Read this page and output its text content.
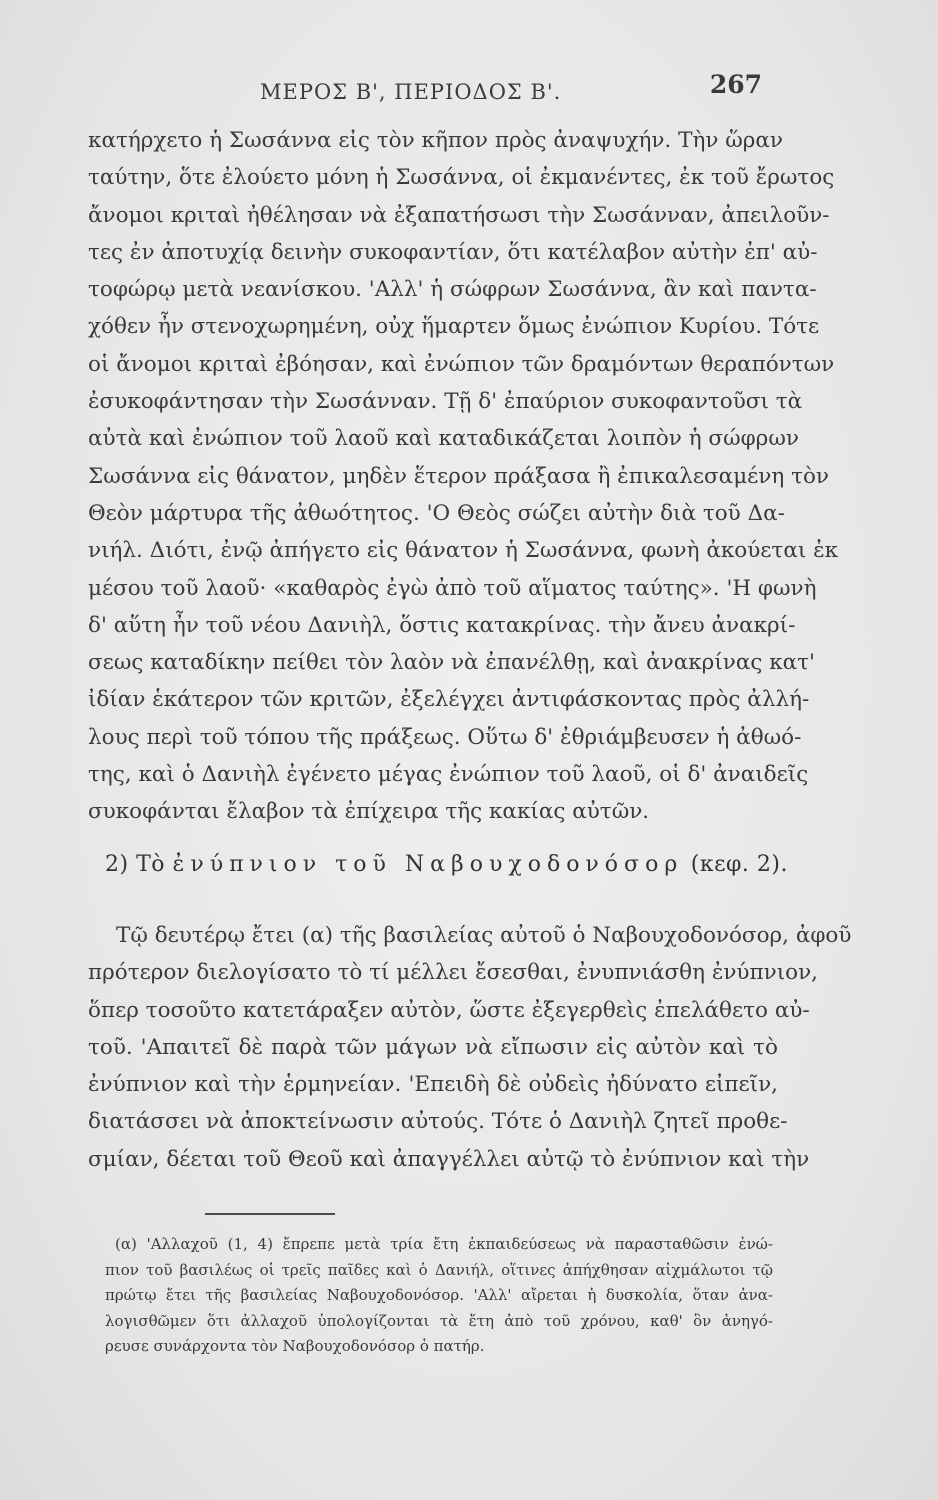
ΜΕΡΟΣ Β', ΠΕΡΙΟΔΟΣ Β'.	267
κατήρχετο ἡ Σωσάννα εἰς τὸν κῆπον πρὸς ἀναψυχήν. Τὴν ὥραν
ταύτην, ὅτε ἐλούετο μόνη ἡ Σωσάννα, οἱ ἐκμανέντες, ἐκ τοῦ ἔρωτος
ἄνομοι κριταὶ ἠθέλησαν νὰ ἐξαπατήσωσι τὴν Σωσάνναν, ἀπειλοῦν-
τες ἐν ἀποτυχίᾳ δεινὴν συκοφαντίαν, ὅτι κατέλαβον αὐτὴν ἐπ' αὐ-
τοφώρῳ μετὰ νεανίσκου. 'Αλλ' ἡ σώφρων Σωσάννα, ἂν καὶ παντα-
χόθεν ἦν στενοχωρημένη, οὐχ ἥμαρτεν ὅμως ἐνώπιον Κυρίου. Τότε
οἱ ἄνομοι κριταὶ ἐβόησαν, καὶ ἐνώπιον τῶν δραμόντων θεραπόντων
ἐσυκοφάντησαν τὴν Σωσάνναν. Τῇ δ' ἐπαύριον συκοφαντοῦσι τὰ
αὐτὰ καὶ ἐνώπιον τοῦ λαοῦ καὶ καταδικάζεται λοιπὸν ἡ σώφρων
Σωσάννα εἰς θάνατον, μηδὲν ἕτερον πράξασα ἢ ἐπικαλεσαμένη τὸν
Θεὸν μάρτυρα τῆς ἀθωότητος. 'Ο Θεὸς σώζει αὐτὴν διὰ τοῦ Δα-
νιήλ. Διότι, ἐνῷ ἀπήγετο εἰς θάνατον ἡ Σωσάννα, φωνὴ ἀκούεται ἐκ
μέσου τοῦ λαοῦ· «καθαρὸς ἐγὼ ἀπὸ τοῦ αἵματος ταύτης». 'Η φωνὴ
δ' αὕτη ἦν τοῦ νέου Δανιὴλ, ὅστις κατακρίνας. τὴν ἄνευ ἀνακρί-
σεως καταδίκην πείθει τὸν λαὸν νὰ ἐπανέλθῃ, καὶ ἀνακρίνας κατ'
ἰδίαν ἑκάτερον τῶν κριτῶν, ἐξελέγχει ἀντιφάσκοντας πρὸς ἀλλή-
λους περὶ τοῦ τόπου τῆς πράξεως. Οὕτω δ' ἐθριάμβευσεν ἡ ἀθωό-
της, καὶ ὁ Δανιὴλ ἐγένετο μέγας ἐνώπιον τοῦ λαοῦ, οἱ δ' ἀναιδεῖς
συκοφάνται ἔλαβον τὰ ἐπίχειρα τῆς κακίας αὐτῶν.
2) Τὸ ἐνύπνιον τοῦ Ναβουχοδονόσορ (κεφ. 2).
Τῷ δευτέρῳ ἔτει (α) τῆς βασιλείας αὐτοῦ ὁ Ναβουχοδονόσορ, ἀφοῦ
πρότερον διελογίσατο τὸ τί μέλλει ἔσεσθαι, ἐνυπνιάσθη ἐνύπνιον,
ὅπερ τοσοῦτο κατετάραξεν αὐτὸν, ὥστε ἐξεγερθεὶς ἐπελάθετο αὐ-
τοῦ. 'Απαιτεῖ δὲ παρὰ τῶν μάγων νὰ εἴπωσιν εἰς αὐτὸν καὶ τὸ
ἐνύπνιον καὶ τὴν ἑρμηνείαν. 'Επειδὴ δὲ οὐδεὶς ἠδύνατο εἰπεῖν,
διατάσσει νὰ ἀποκτείνωσιν αὐτούς. Τότε ὁ Δανιὴλ ζητεῖ προθε-
σμίαν, δέεται τοῦ Θεοῦ καὶ ἀπαγγέλλει αὐτῷ τὸ ἐνύπνιον καὶ τὴν
(α) 'Αλλαχοῦ (1, 4) ἔπρεπε μετὰ τρία ἔτη ἐκπαιδεύσεως νὰ παρασταθῶσιν ἐνώ-
πιον τοῦ βασιλέως οἱ τρεῖς παῖδες καὶ ὁ Δανιήλ, οἵτινες ἀπήχθησαν αἰχμάλωτοι τῷ
πρώτῳ ἔτει τῆς βασιλείας Ναβουχοδονόσορ. 'Αλλ' αἴρεται ἡ δυσκολία, ὅταν ἀνα-
λογισθῶμεν ὅτι ἀλλαχοῦ ὑπολογίζονται τὰ ἔτη ἀπὸ τοῦ χρόνου, καθ' ὃν ἀνηγό-
ρευσε συνάρχοντα τὸν Ναβουχοδονόσορ ὁ πατήρ.
